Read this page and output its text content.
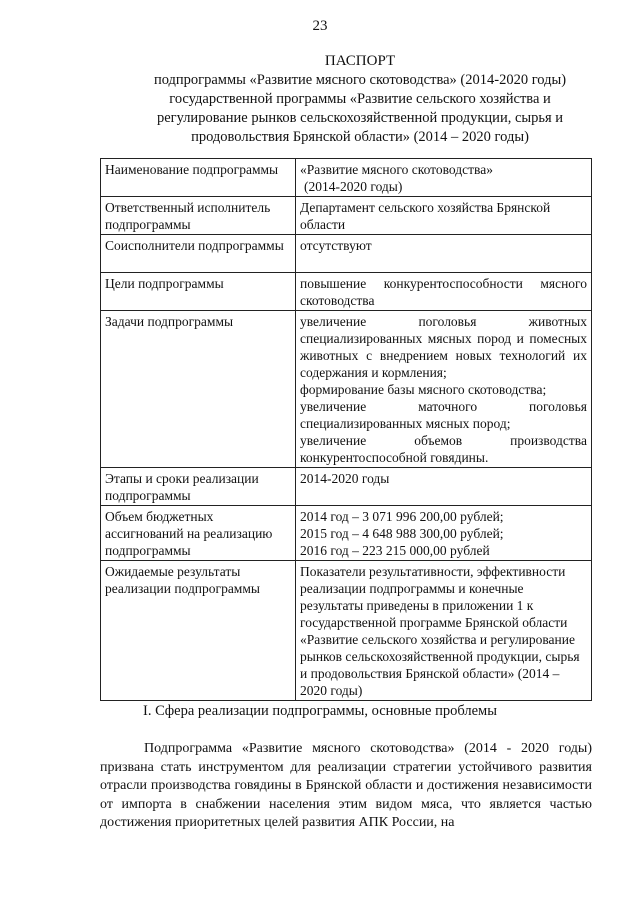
23
ПАСПОРТ
подпрограммы «Развитие мясного скотоводства» (2014-2020 годы)
государственной программы «Развитие сельского хозяйства и
регулирование рынков сельскохозяйственной продукции, сырья и
продовольствия Брянской области» (2014 – 2020 годы)
Наименование подпрограммы	«Развитие мясного скотоводства»
(2014-2020 годы)

Ответственный исполнитель подпрограммы	Департамент сельского хозяйства Брянской области

Соисполнители подпрограммы	отсутствуют

Цели подпрограммы	повышение конкурентоспособности мясного скотоводства

Задачи подпрограммы	увеличение поголовья животных специализированных мясных пород и помесных животных с внедрением новых технологий их содержания и кормления;
формирование базы мясного скотоводства;
увеличение маточного поголовья специализированных мясных пород;
увеличение объемов производства конкурентоспособной говядины.

Этапы и сроки реализации подпрограммы	2014-2020 годы

Объем бюджетных ассигнований на реализацию подпрограммы	2014 год – 3 071 996 200,00 рублей;
2015 год – 4 648 988 300,00 рублей;
2016 год – 223 215 000,00 рублей

Ожидаемые результаты реализации подпрограммы	Показатели результативности, эффективности реализации подпрограммы и конечные результаты приведены в приложении 1 к государственной программе Брянской области «Развитие сельского хозяйства и регулирование рынков сельскохозяйственной продукции, сырья и продовольствия Брянской области» (2014 – 2020 годы)
I. Сфера реализации подпрограммы, основные проблемы

Подпрограмма «Развитие мясного скотоводства» (2014 - 2020 годы) призвана стать инструментом для реализации стратегии устойчивого развития отрасли производства говядины в Брянской области и достижения независимости от импорта в снабжении населения этим видом мяса, что является частью достижения приоритетных целей развития АПК России, на
